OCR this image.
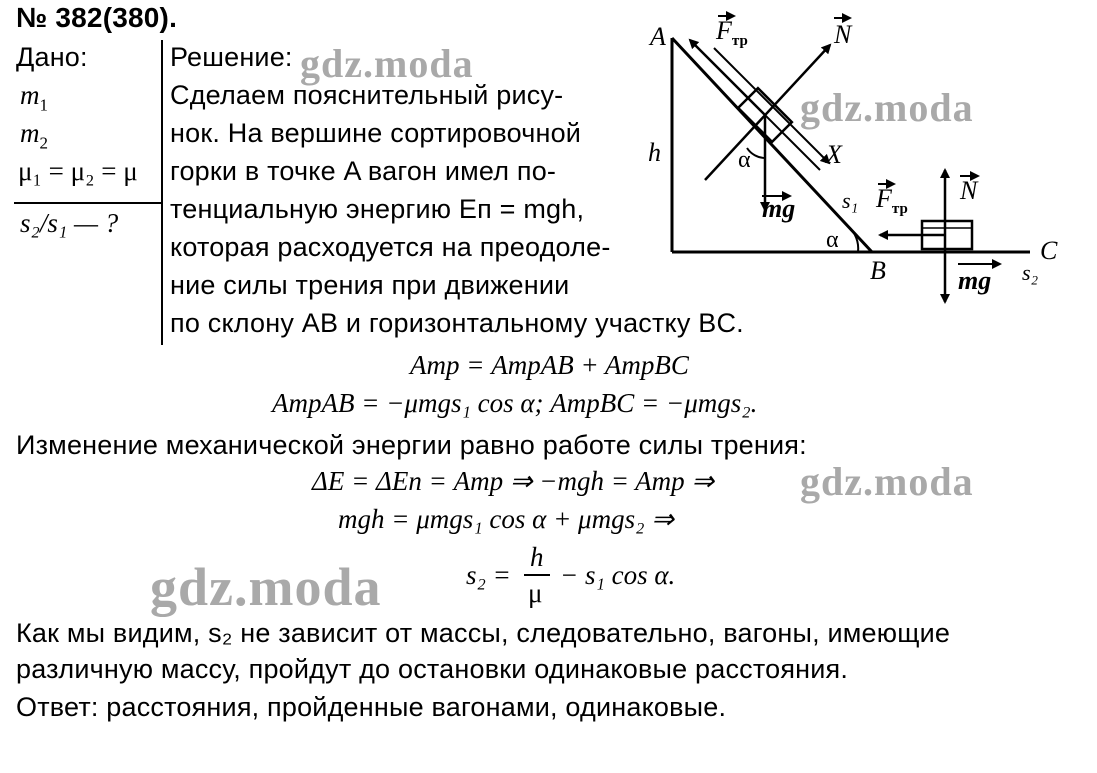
№ 382(380).
Дано:
$m_1$
$m_2$
μ₁ = μ₂ = μ
s₂/s₁ — ?
Решение:
Сделаем пояснительный рису-
нок. На вершине сортировочной
горки в точке A вагон имел по-
тенциальную энергию Eп = mgh,
которая расходуется на преодоле-
ние силы трения при движении
по склону AB и горизонтальному участку BC.
Aтр = AтрAB + AтрBC
AтрAB = −μmgs₁ cos α; AтрBC = −μmgs₂.
Изменение механической энергии равно работе силы трения:
ΔE = ΔEп = Aтр ⇒ −mgh = Aтр ⇒
mgh = μmgs₁ cos α + μmgs₂ ⇒
s₂ =
h
μ
− s₁ cos α.
Как мы видим, s₂ не зависит от массы, следовательно, вагоны, имеющие
различную массу, пройдут до остановки одинаковые расстояния.
Ответ: расстояния, пройденные вагонами, одинаковые.
A
B
C
h	X
α
α
s₁
s₂
$F_{тр}$	N
mg	$F_{тр}$
N
mg
gdz.moda
gdz.moda
gdz.moda
gdz.moda
